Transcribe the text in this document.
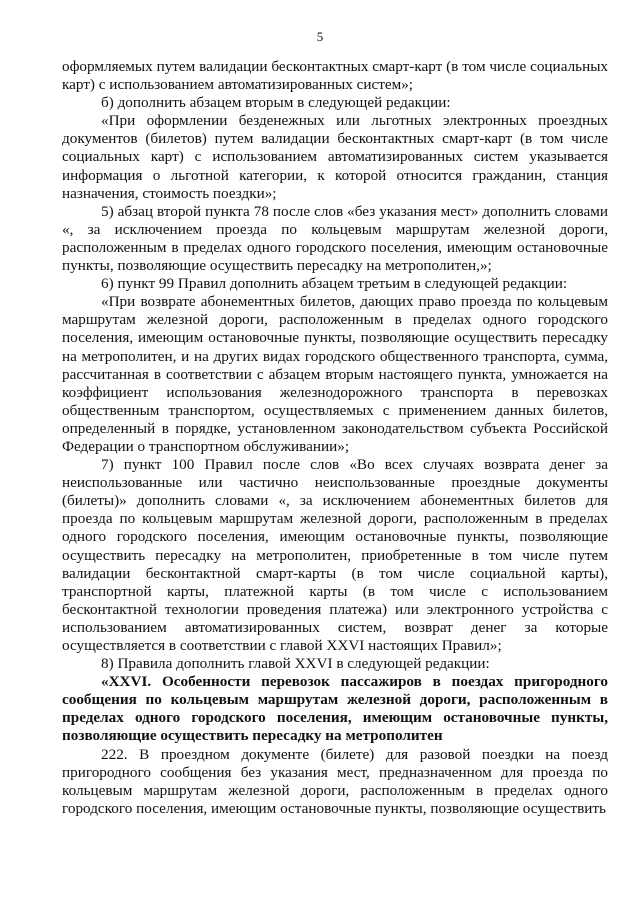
5

оформляемых путем валидации бесконтактных смарт-карт (в том числе социальных карт) с использованием автоматизированных систем»;

б) дополнить абзацем вторым в следующей редакции:

«При оформлении безденежных или льготных электронных проездных документов (билетов) путем валидации бесконтактных смарт-карт (в том числе социальных карт) с использованием автоматизированных систем указывается информация о льготной категории, к которой относится гражданин, станция назначения, стоимость поездки»;

5) абзац второй пункта 78 после слов «без указания мест» дополнить словами «, за исключением проезда по кольцевым маршрутам железной дороги, расположенным в пределах одного городского поселения, имеющим остановочные пункты, позволяющие осуществить пересадку на метрополитен,»;

6) пункт 99 Правил дополнить абзацем третьим в следующей редакции:

«При возврате абонементных билетов, дающих право проезда по кольцевым маршрутам железной дороги, расположенным в пределах одного городского поселения, имеющим остановочные пункты, позволяющие осуществить пересадку на метрополитен, и на других видах городского общественного транспорта, сумма, рассчитанная в соответствии с абзацем вторым настоящего пункта, умножается на коэффициент использования железнодорожного транспорта в перевозках общественным транспортом, осуществляемых с применением данных билетов, определенный в порядке, установленном законодательством субъекта Российской Федерации о транспортном обслуживании»;

7) пункт 100 Правил после слов «Во всех случаях возврата денег за неиспользованные или частично неиспользованные проездные документы (билеты)» дополнить словами «, за исключением абонементных билетов для проезда по кольцевым маршрутам железной дороги, расположенным в пределах одного городского поселения, имеющим остановочные пункты, позволяющие осуществить пересадку на метрополитен, приобретенные в том числе путем валидации бесконтактной смарт-карты (в том числе социальной карты), транспортной карты, платежной карты (в том числе с использованием бесконтактной технологии проведения платежа) или электронного устройства с использованием автоматизированных систем, возврат денег за которые осуществляется в соответствии с главой XXVI настоящих Правил»;

8) Правила дополнить главой XXVI в следующей редакции:

«XXVI. Особенности перевозок пассажиров в поездах пригородного сообщения по кольцевым маршрутам железной дороги, расположенным в пределах одного городского поселения, имеющим остановочные пункты, позволяющие осуществить пересадку на метрополитен

222. В проездном документе (билете) для разовой поездки на поезд пригородного сообщения без указания мест, предназначенном для проезда по кольцевым маршрутам железной дороги, расположенным в пределах одного городского поселения, имеющим остановочные пункты, позволяющие осуществить
